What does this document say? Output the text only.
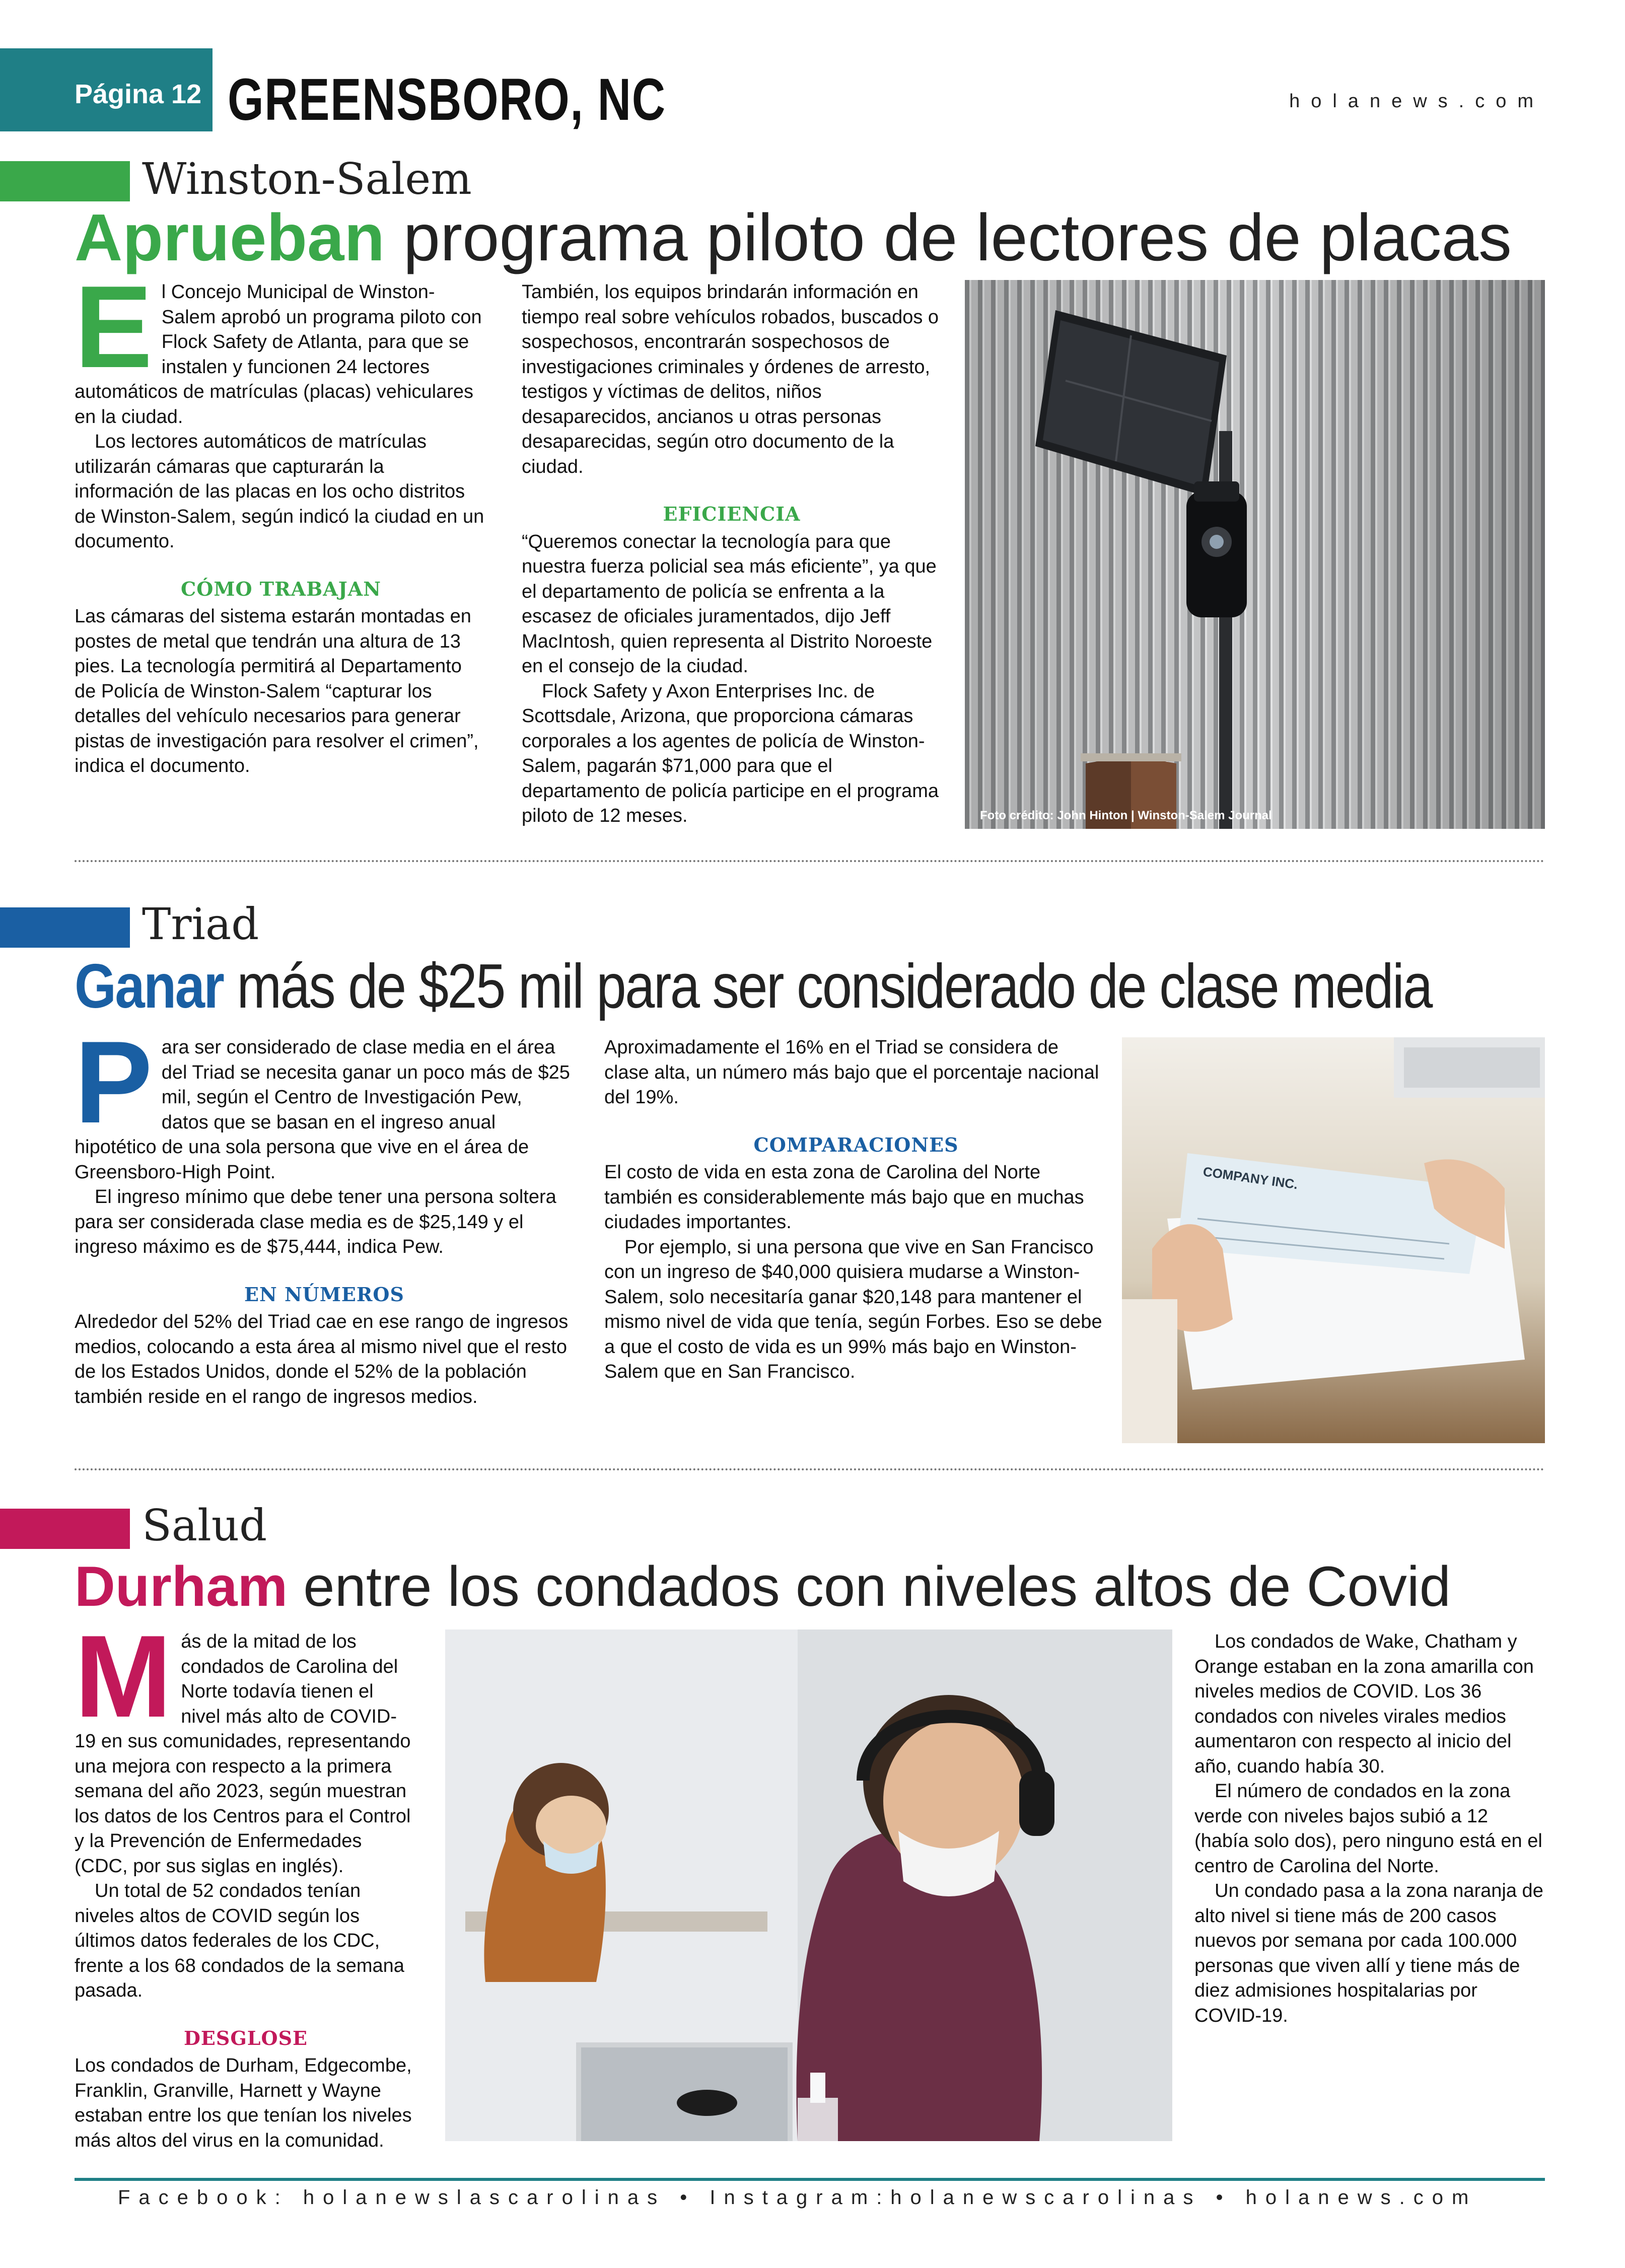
Página 12 GREENSBORO, NC	holanews.com
Winston-Salem
Aprueban programa piloto de lectores de placas
E l Concejo Municipal de Winston-Salem aprobó un programa piloto con Flock Safety de Atlanta, para que se instalen y funcionen 24 lectores automáticos de matrículas (placas) vehiculares en la ciudad.

Los lectores automáticos de matrículas utilizarán cámaras que capturarán la información de las placas en los ocho distritos de Winston-Salem, según indicó la ciudad en un documento.

CÓMO TRABAJAN

Las cámaras del sistema estarán montadas en postes de metal que tendrán una altura de 13 pies. La tecnología permitirá al Departamento de Policía de Winston-Salem “capturar los detalles del vehículo necesarios para generar pistas de investigación para resolver el crimen”, indica el documento.

También, los equipos brindarán información en tiempo real sobre vehículos robados, buscados o sospechosos, encontrarán sospechosos de investigaciones criminales y órdenes de arresto, testigos y víctimas de delitos, niños desaparecidos, ancianos u otras personas desaparecidas, según otro documento de la ciudad.

EFICIENCIA

“Queremos conectar la tecnología para que nuestra fuerza policial sea más eficiente”, ya que el departamento de policía se enfrenta a la escasez de oficiales juramentados, dijo Jeff MacIntosh, quien representa al Distrito Noroeste en el consejo de la ciudad.

Flock Safety y Axon Enterprises Inc. de Scottsdale, Arizona, que proporciona cámaras corporales a los agentes de policía de Winston-Salem, pagarán $71,000 para que el departamento de policía participe en el programa piloto de 12 meses.	Foto crédito: John Hinton | Winston-Salem Journal
Triad
Ganar más de $25 mil para ser considerado de clase media
P ara ser considerado de clase media en el área del Triad se necesita ganar un poco más de $25 mil, según el Centro de Investigación Pew, datos que se basan en el ingreso anual hipotético de una sola persona que vive en el área de Greensboro-High Point.

El ingreso mínimo que debe tener una persona soltera para ser considerada clase media es de $25,149 y el ingreso máximo es de $75,444, indica Pew.

EN NÚMEROS

Alrededor del 52% del Triad cae en ese rango de ingresos medios, colocando a esta área al mismo nivel que el resto de los Estados Unidos, donde el 52% de la población también reside en el rango de ingresos medios.

Aproximadamente el 16% en el Triad se considera de clase alta, un número más bajo que el porcentaje nacional del 19%.

COMPARACIONES

El costo de vida en esta zona de Carolina del Norte también es considerablemente más bajo que en muchas ciudades importantes.

Por ejemplo, si una persona que vive en San Francisco con un ingreso de $40,000 quisiera mudarse a Winston-Salem, solo necesitaría ganar $20,148 para mantener el mismo nivel de vida que tenía, según Forbes. Eso se debe a que el costo de vida es un 99% más bajo en Winston-Salem que en San Francisco.

COMPANY INC.
Salud
Durham entre los condados con niveles altos de Covid
M ás de la mitad de los condados de Carolina del Norte todavía tienen el nivel más alto de COVID-19 en sus comunidades, representando una mejora con respecto a la primera semana del año 2023, según muestran los datos de los Centros para el Control y la Prevención de Enfermedades (CDC, por sus siglas en inglés).

Un total de 52 condados tenían niveles altos de COVID según los últimos datos federales de los CDC, frente a los 68 condados de la semana pasada.

DESGLOSE

Los condados de Durham, Edgecombe, Franklin, Granville, Harnett y Wayne estaban entre los que tenían los niveles más altos del virus en la comunidad.

Los condados de Wake, Chatham y Orange estaban en la zona amarilla con niveles medios de COVID. Los 36 condados con niveles virales medios aumentaron con respecto al inicio del año, cuando había 30.

El número de condados en la zona verde con niveles bajos subió a 12 (había solo dos), pero ninguno está en el centro de Carolina del Norte.

Un condado pasa a la zona naranja de alto nivel si tiene más de 200 casos nuevos por semana por cada 100.000 personas que viven allí y tiene más de diez admisiones hospitalarias por COVID-19.

Facebook: holanewslascarolinas • Instagram:holanewscarolinas • holanews.com
